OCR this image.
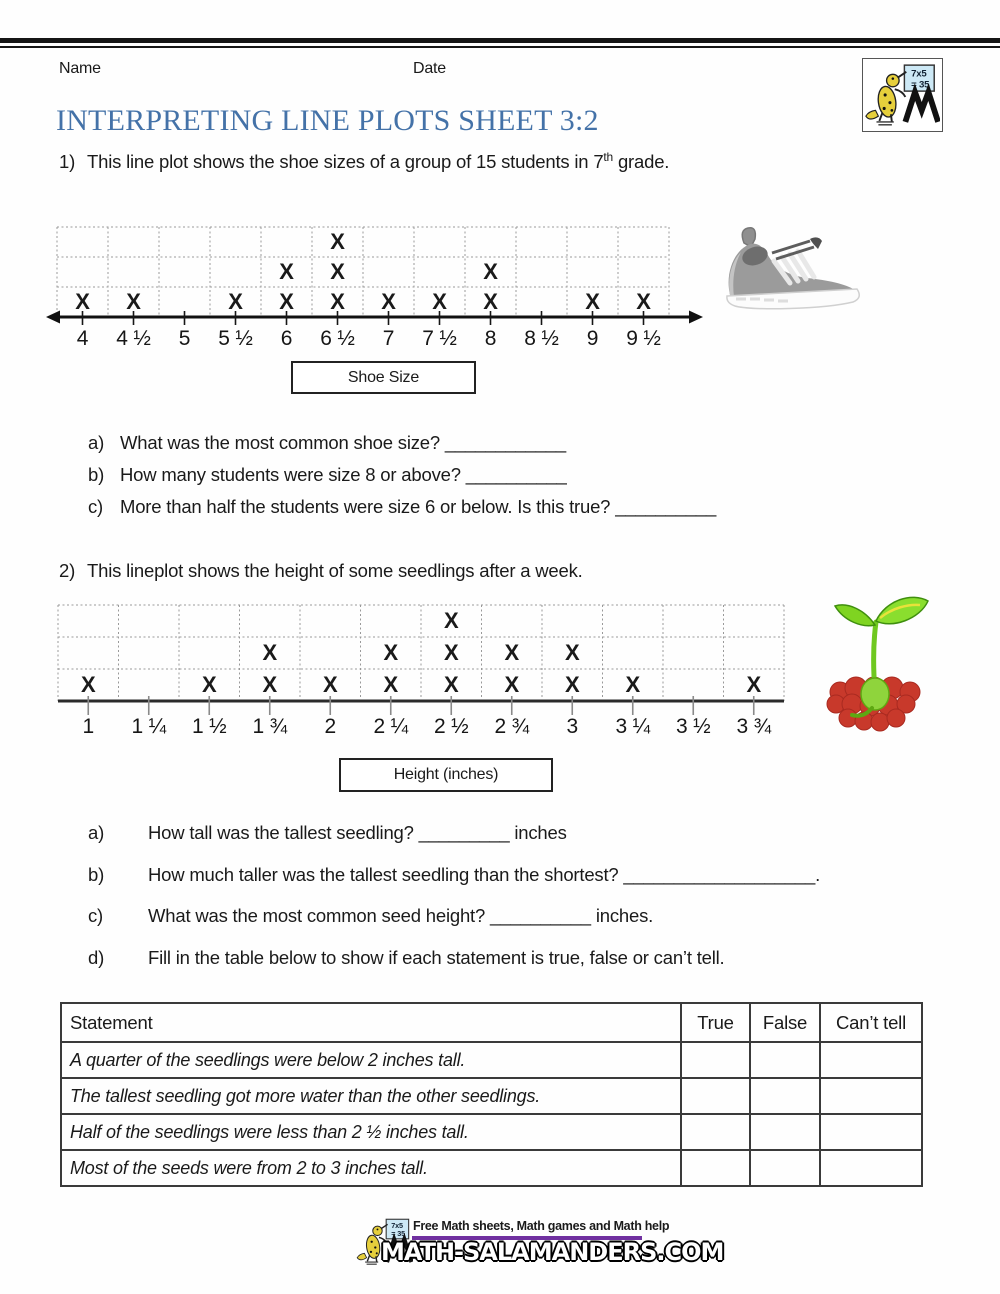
Name	Date
INTERPRETING LINE PLOTS SHEET 3:2
1) This line plot shows the shoe sizes of a group of 15 students in 7th grade.
4
X
4 ½
X
5 5 ½
X
6
X
X
6 ½
X
X
X
7
X
7 ½
X
8
X
X
8 ½ 9
X
9 ½
X
Shoe Size
a) What was the most common shoe size? ____________
b) How many students were size 8 or above? __________
c) More than half the students were size 6 or below. Is this true? __________
2) This lineplot shows the height of some seedlings after a week.
1
X
1 ¼ 1 ½
X
1 ¾
X
X
2
X
2 ¼
X
X
2 ½
X
X
X
2 ¾
X
X
3
X
X
3 ¼
X
3 ½ 3 ¾
X
Height (inches)
a) How tall was the tallest seedling? _________ inches
b) How much taller was the tallest seedling than the shortest? ___________________.
c) What was the most common seed height? __________ inches.
d) Fill in the table below to show if each statement is true, false or can’t tell.
Statement	True	False	Can’t tell
A quarter of the seedlings were below 2 inches tall.			
The tallest seedling got more water than the other seedlings.			
Half of the seedlings were less than 2 ½ inches tall.			
Most of the seeds were from 2 to 3 inches tall.			
Free Math sheets, Math games and Math help
MATH-SALAMANDERS.COM
